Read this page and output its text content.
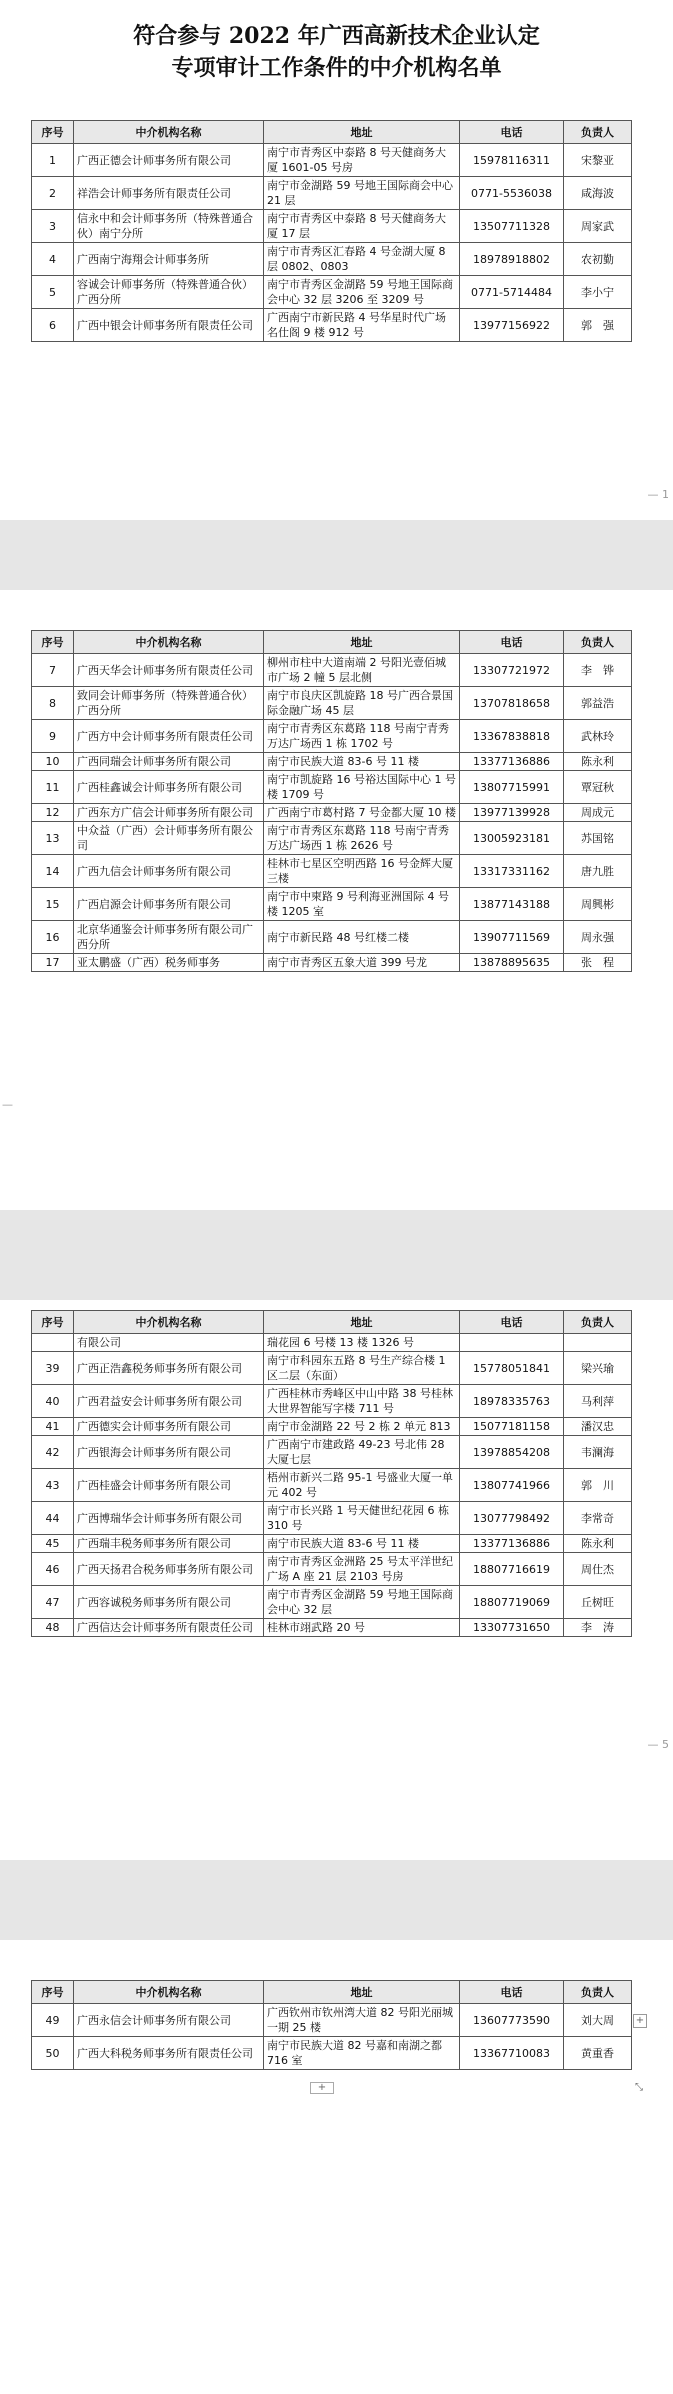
符合参与 2022 年广西高新技术企业认定
专项审计工作条件的中介机构名单
序号	中介机构名称	地址	电话	负责人
1	广西正德会计师事务所有限公司	南宁市青秀区中泰路 8 号天健商务大厦 1601-05 号房	15978116311	宋黎亚
2	祥浩会计师事务所有限责任公司	南宁市金湖路 59 号地王国际商会中心 21 层	0771-5536038	咸海波
3	信永中和会计师事务所（特殊普通合伙）南宁分所	南宁市青秀区中泰路 8 号天健商务大厦 17 层	13507711328	周家武
4	广西南宁海翔会计师事务所	南宁市青秀区汇春路 4 号金湖大厦 8 层 0802、0803	18978918802	农初勤
5	容诚会计师事务所（特殊普通合伙）广西分所	南宁市青秀区金湖路 59 号地王国际商会中心 32 层 3206 至 3209 号	0771-5714484	李小宁
6	广西中银会计师事务所有限责任公司	广西南宁市新民路 4 号华星时代广场名仕阁 9 楼 912 号	13977156922	郭　强
— 1
—
序号	中介机构名称	地址	电话	负责人
7	广西天华会计师事务所有限责任公司	柳州市柱中大道南端 2 号阳光壹佰城市广场 2 幢 5 层北侧	13307721972	李　铧
8	致同会计师事务所（特殊普通合伙）广西分所	南宁市良庆区凯旋路 18 号广西合景国际金融广场 45 层	13707818658	郭益浩
9	广西方中会计师事务所有限责任公司	南宁市青秀区东葛路 118 号南宁青秀万达广场西 1 栋 1702 号	13367838818	武林玲
10	广西同瑞会计师事务所有限公司	南宁市民族大道 83-6 号 11 楼	13377136886	陈永利
11	广西桂鑫诚会计师事务所有限公司	南宁市凯旋路 16 号裕达国际中心 1 号楼 1709 号	13807715991	覃冠秋
12	广西东方广信会计师事务所有限公司	广西南宁市葛村路 7 号金都大厦 10 楼	13977139928	周成元
13	中众益（广西）会计师事务所有限公司	南宁市青秀区东葛路 118 号南宁青秀万达广场西 1 栋 2626 号	13005923181	苏国铭
14	广西九信会计师事务所有限公司	桂林市七星区空明西路 16 号金辉大厦三楼	13317331162	唐九胜
15	广西启源会计师事务所有限公司	南宁市中柬路 9 号利海亚洲国际 4 号楼 1205 室	13877143188	周興彬
16	北京华通鉴会计师事务所有限公司广西分所	南宁市新民路 48 号红楼二楼	13907711569	周永强
17	亚太鹏盛（广西）税务师事务	南宁市青秀区五象大道 399 号龙	13878895635	张　程
序号	中介机构名称	地址	电话	负责人
	有限公司	瑞花园 6 号楼 13 楼 1326 号		
39	广西正浩鑫税务师事务所有限公司	南宁市科园东五路 8 号生产综合楼 1 区二层（东面）	15778051841	梁兴瑜
40	广西君益安会计师事务所有限公司	广西桂林市秀峰区中山中路 38 号桂林大世界智能写字楼 711 号	18978335763	马利萍
41	广西德实会计师事务所有限公司	南宁市金湖路 22 号 2 栋 2 单元 813	15077181158	潘汉忠
42	广西银海会计师事务所有限公司	广西南宁市建政路 49-23 号北伟 28 大厦七层	13978854208	韦澜海
43	广西桂盛会计师事务所有限公司	梧州市新兴二路 95-1 号盛业大厦一单元 402 号	13807741966	郭　川
44	广西博瑞华会计师事务所有限公司	南宁市长兴路 1 号天健世纪花园 6 栋 310 号	13077798492	李常奇
45	广西瑞丰税务师事务所有限公司	南宁市民族大道 83-6 号 11 楼	13377136886	陈永利
46	广西天扬君合税务师事务所有限公司	南宁市青秀区金洲路 25 号太平洋世纪广场 A 座 21 层 2103 号房	18807716619	周仕杰
47	广西容诚税务师事务所有限公司	南宁市青秀区金湖路 59 号地王国际商会中心 32 层	18807719069	丘树旺
48	广西信达会计师事务所有限责任公司	桂林市翊武路 20 号	13307731650	李　涛
— 5
序号	中介机构名称	地址	电话	负责人
49	广西永信会计师事务所有限公司	广西钦州市钦州湾大道 82 号阳光丽城一期 25 楼	13607773590	刘大周
50	广西大科税务师事务所有限责任公司	南宁市民族大道 82 号嘉和南湖之都 716 室	13367710083	黄重香
+
+	⤡
